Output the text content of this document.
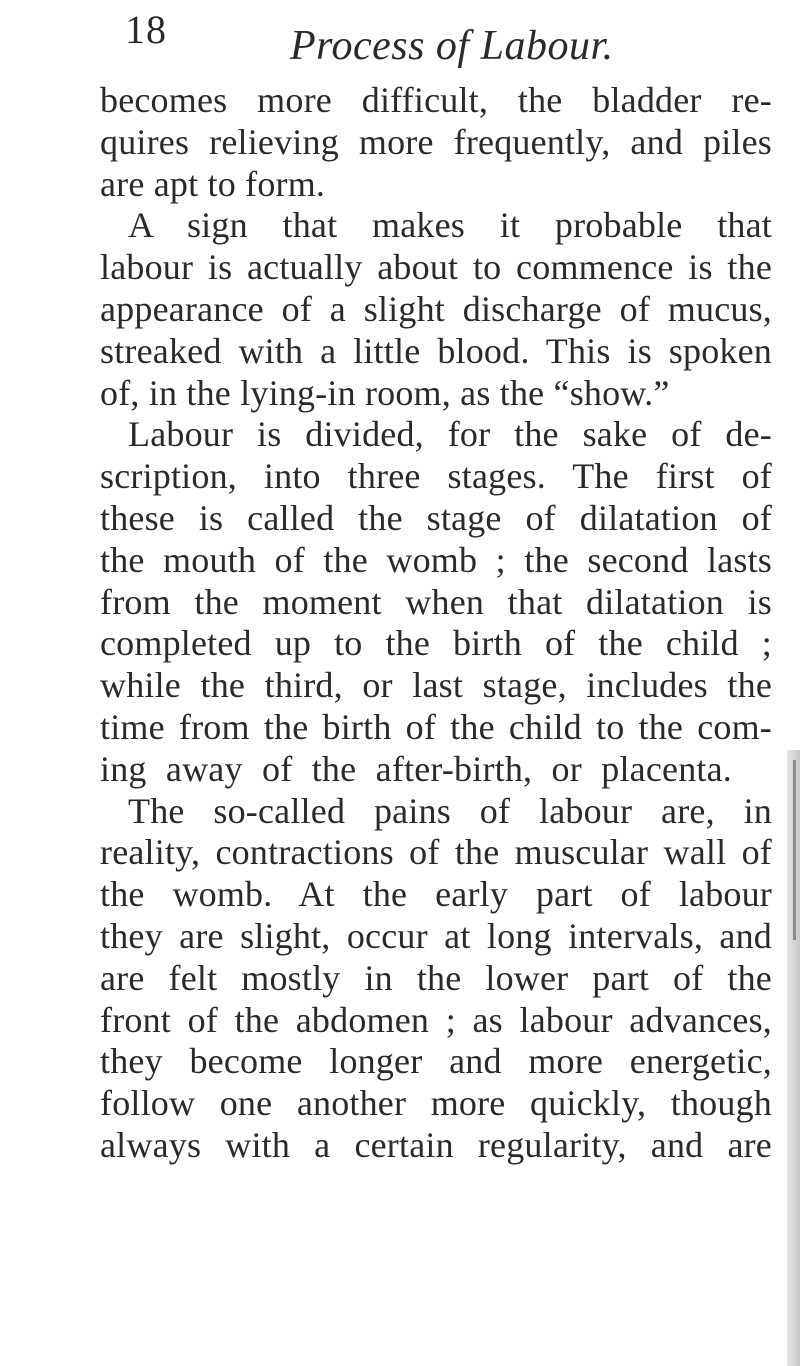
18	Process of Labour.
becomes more difficult, the bladder re-
quires relieving more frequently, and piles
are apt to form.
A sign that makes it probable that
labour is actually about to commence is the
appearance of a slight discharge of mucus,
streaked with a little blood. This is spoken
of, in the lying-in room, as the “show.”
Labour is divided, for the sake of de-
scription, into three stages. The first of
these is called the stage of dilatation of
the mouth of the womb ; the second lasts
from the moment when that dilatation is
completed up to the birth of the child ;
while the third, or last stage, includes the
time from the birth of the child to the com-
ing away of the after-birth, or placenta.
The so-called pains of labour are, in
reality, contractions of the muscular wall of
the womb. At the early part of labour
they are slight, occur at long intervals, and
are felt mostly in the lower part of the
front of the abdomen ; as labour advances,
they become longer and more energetic,
follow one another more quickly, though
always with a certain regularity, and are
